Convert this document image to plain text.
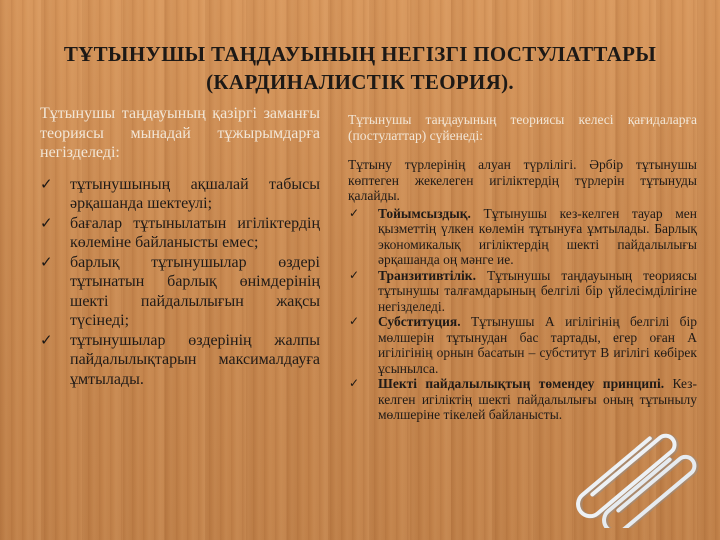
ТҰТЫНУШЫ ТАҢДАУЫНЫҢ НЕГІЗГІ ПОСТУЛАТТАРЫ (КАРДИНАЛИСТІК ТЕОРИЯ).

Тұтынушы таңдауының қазіргі заманғы теориясы мынадай тұжырымдарға негізделеді:

✓ тұтынушының ақшалай табысы әрқашанда шектеулі;
✓ бағалар тұтынылатын игіліктердің көлеміне байланысты емес;
✓ барлық тұтынушылар өздері тұтынатын барлық өнімдерінің шекті пайдалылығын жақсы түсінеді;
✓ тұтынушылар өздерінің жалпы пайдалылықтарын максималдауға ұмтылады.

Тұтынушы таңдауының теориясы келесі қағидаларға (постулаттар) сүйенеді:

Тұтыну түрлерінің алуан түрлілігі. Әрбір тұтынушы көптеген жекелеген игіліктердің түрлерін тұтынуды қалайды.

✓ Тойымсыздық. Тұтынушы кез-келген тауар мен қызметтің үлкен көлемін тұтынуға ұмтылады. Барлық экономикалық игіліктердің шекті пайдалылығы әрқашанда оң мәнге ие.
✓ Транзитивтілік. Тұтынушы таңдауының теориясы тұтынушы талғамдарының белгілі бір үйлесімділігіне негізделеді.
✓ Субституция. Тұтынушы А игілігінің белгілі бір мөлшерін тұтынудан бас тартады, егер оған А игілігінің орнын басатын – субститут В игілігі көбірек ұсынылса.
✓ Шекті пайдалылықтың төмендеу принципі. Кез-келген игіліктің шекті пайдалылығы оның тұтынылу мөлшеріне тікелей байланысты.
